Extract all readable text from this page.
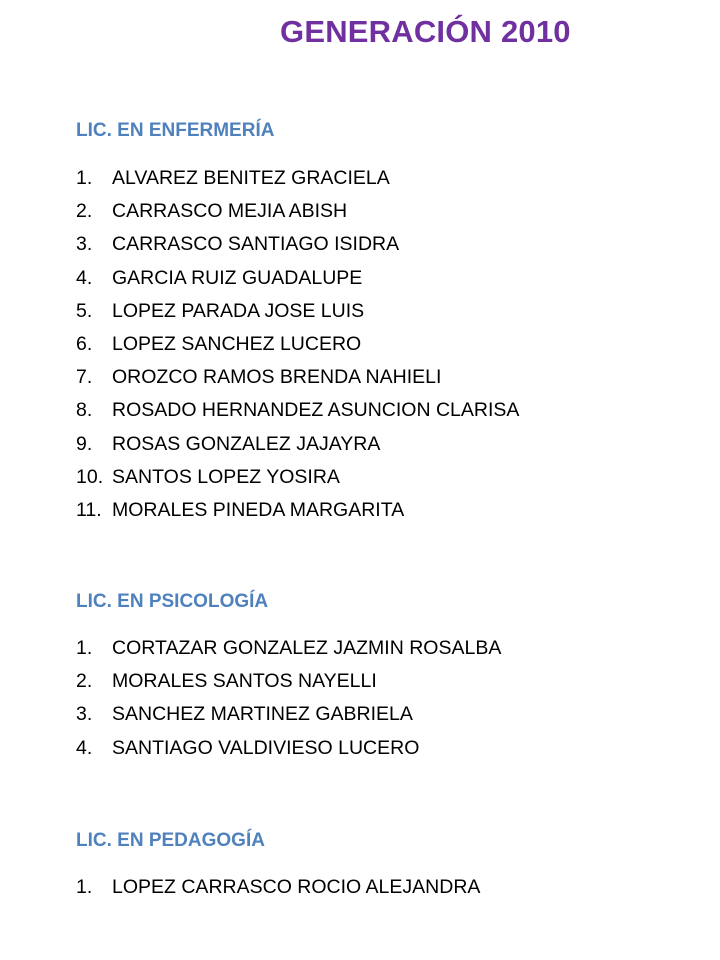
GENERACIÓN 2010
LIC. EN ENFERMERÍA
1. ALVAREZ BENITEZ GRACIELA
2. CARRASCO MEJIA ABISH
3. CARRASCO SANTIAGO ISIDRA
4. GARCIA RUIZ GUADALUPE
5. LOPEZ PARADA JOSE LUIS
6. LOPEZ SANCHEZ LUCERO
7. OROZCO RAMOS BRENDA NAHIELI
8. ROSADO HERNANDEZ ASUNCION CLARISA
9. ROSAS GONZALEZ JAJAYRA
10. SANTOS LOPEZ YOSIRA
11. MORALES PINEDA MARGARITA
LIC. EN PSICOLOGÍA
1. CORTAZAR GONZALEZ JAZMIN ROSALBA
2. MORALES SANTOS NAYELLI
3. SANCHEZ MARTINEZ GABRIELA
4. SANTIAGO VALDIVIESO LUCERO
LIC. EN PEDAGOGÍA
1. LOPEZ CARRASCO ROCIO ALEJANDRA
